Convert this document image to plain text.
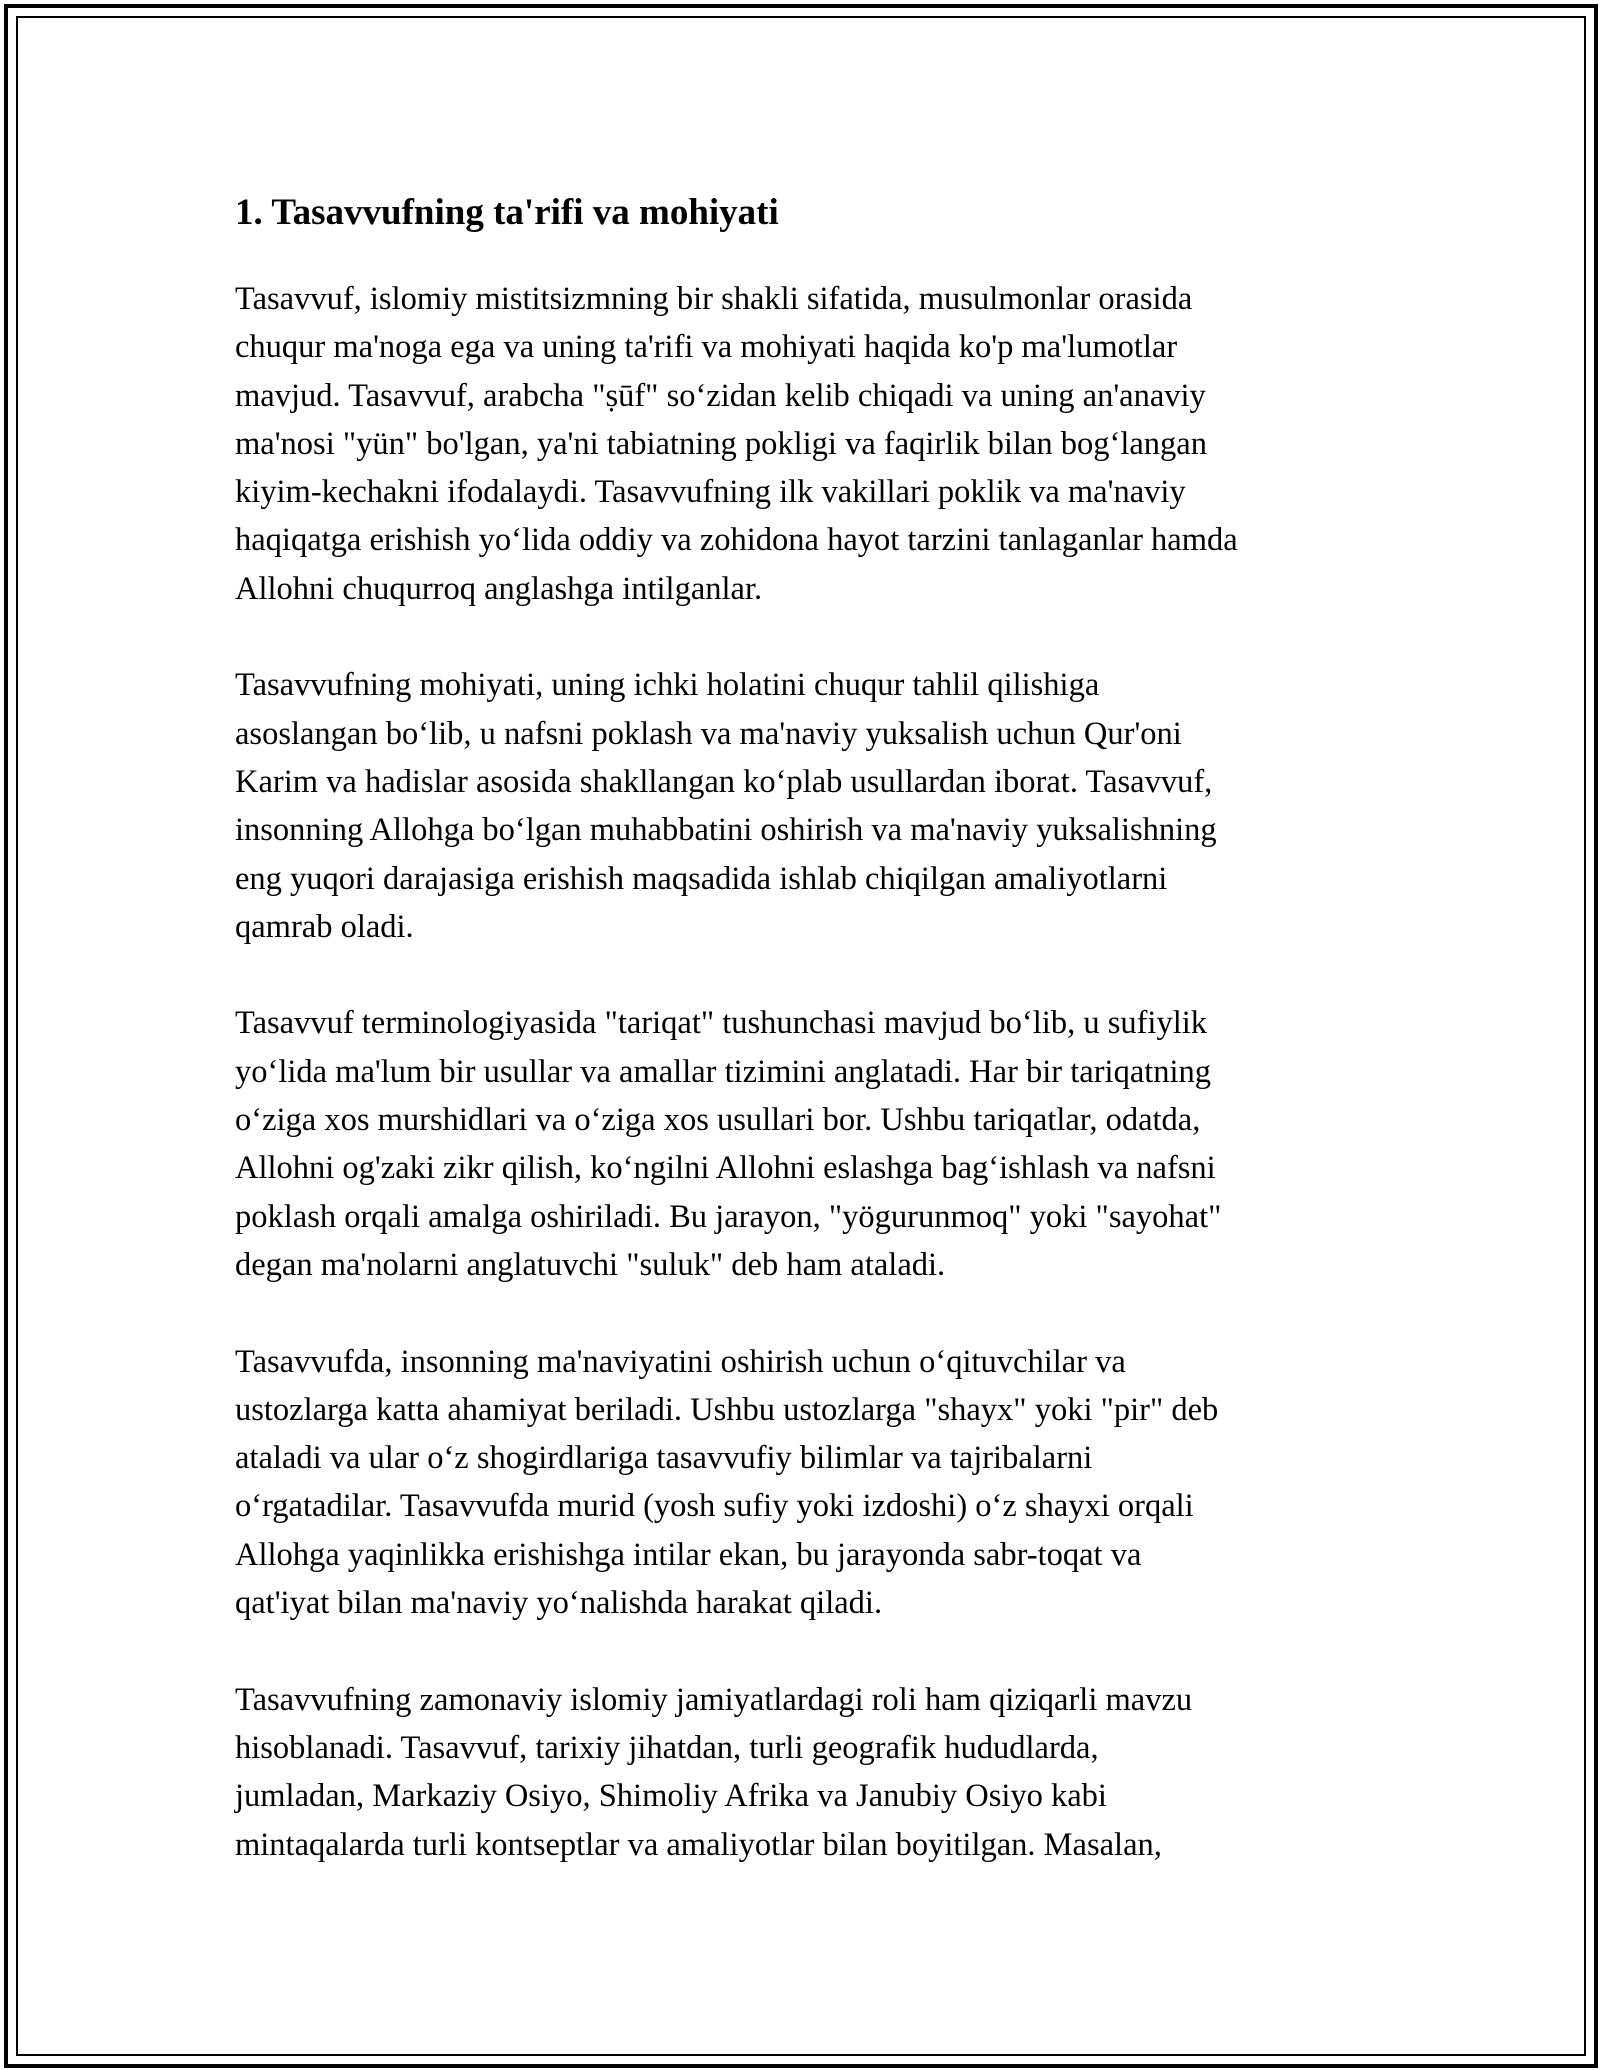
1. Tasavvufning ta'rifi va mohiyati

Tasavvuf, islomiy mistitsizmning bir shakli sifatida, musulmonlar orasida
chuqur ma'noga ega va uning ta'rifi va mohiyati haqida ko'p ma'lumotlar
mavjud. Tasavvuf, arabcha "ṣūf" so‘zidan kelib chiqadi va uning an'anaviy
ma'nosi "yün" bo'lgan, ya'ni tabiatning pokligi va faqirlik bilan bog‘langan
kiyim-kechakni ifodalaydi. Tasavvufning ilk vakillari poklik va ma'naviy
haqiqatga erishish yo‘lida oddiy va zohidona hayot tarzini tanlaganlar hamda
Allohni chuqurroq anglashga intilganlar.

Tasavvufning mohiyati, uning ichki holatini chuqur tahlil qilishiga
asoslangan bo‘lib, u nafsni poklash va ma'naviy yuksalish uchun Qur'oni
Karim va hadislar asosida shakllangan ko‘plab usullardan iborat. Tasavvuf,
insonning Allohga bo‘lgan muhabbatini oshirish va ma'naviy yuksalishning
eng yuqori darajasiga erishish maqsadida ishlab chiqilgan amaliyotlarni
qamrab oladi.

Tasavvuf terminologiyasida "tariqat" tushunchasi mavjud bo‘lib, u sufiylik
yo‘lida ma'lum bir usullar va amallar tizimini anglatadi. Har bir tariqatning
o‘ziga xos murshidlari va o‘ziga xos usullari bor. Ushbu tariqatlar, odatda,
Allohni og'zaki zikr qilish, ko‘ngilni Allohni eslashga bag‘ishlash va nafsni
poklash orqali amalga oshiriladi. Bu jarayon, "yögurunmoq" yoki "sayohat"
degan ma'nolarni anglatuvchi "suluk" deb ham ataladi.

Tasavvufda, insonning ma'naviyatini oshirish uchun o‘qituvchilar va
ustozlarga katta ahamiyat beriladi. Ushbu ustozlarga "shayx" yoki "pir" deb
ataladi va ular o‘z shogirdlariga tasavvufiy bilimlar va tajribalarni
o‘rgatadilar. Tasavvufda murid (yosh sufiy yoki izdoshi) o‘z shayxi orqali
Allohga yaqinlikka erishishga intilar ekan, bu jarayonda sabr-toqat va
qat'iyat bilan ma'naviy yo‘nalishda harakat qiladi.

Tasavvufning zamonaviy islomiy jamiyatlardagi roli ham qiziqarli mavzu
hisoblanadi. Tasavvuf, tarixiy jihatdan, turli geografik hududlarda,
jumladan, Markaziy Osiyo, Shimoliy Afrika va Janubiy Osiyo kabi
mintaqalarda turli kontseptlar va amaliyotlar bilan boyitilgan. Masalan,
